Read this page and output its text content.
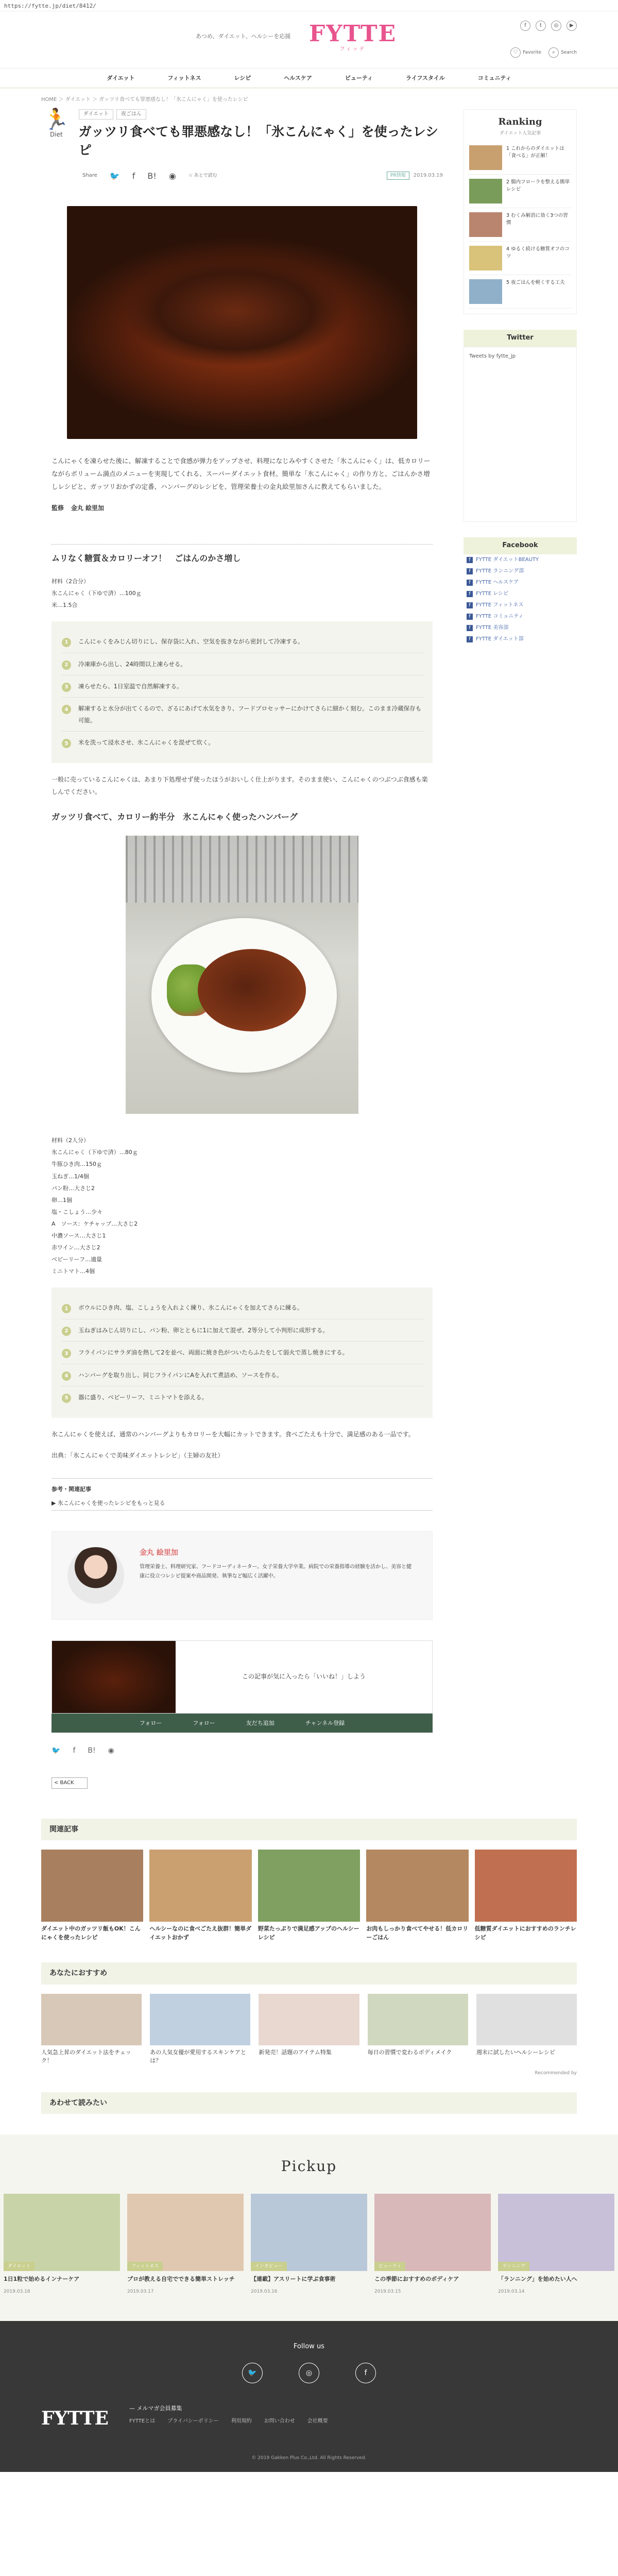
https://fytte.jp/diet/8412/
あつめ、ダイエット、ヘルシーを応援 FYTTE
フィッテ
f	t	◎	▶
♡	Favorite	⌕	Search
ダイエット	フィットネス	レシピ	ヘルスケア	ビューティ	ライフスタイル	コミュニティ
HOME ＞ ダイエット ＞ ガッツリ食べても罪悪感なし！「氷こんにゃく」を使ったレシピ
🏃
Diet
ダイエット	夜ごはん
ガッツリ食べても罪悪感なし！「氷こんにゃく」を使ったレシピ
Share 🐦 f B! ◉	☆ あとで読む	PR情報	2019.03.19

こんにゃくを凍らせた後に、解凍することで食感が弾力をアップさせ、料理になじみやすくさせた「氷こんにゃく」は、低カロリーながらボリューム満点のメニューを実現してくれる、スーパーダイエット食材。簡単な「氷こんにゃく」の作り方と、ごはんかさ増しレシピと、ガッツリおかずの定番、ハンバーグのレシピを、管理栄養士の金丸絵里加さんに教えてもらいました。

監修 金丸 絵里加
ムリなく糖質＆カロリーオフ！　ごはんのかさ増し
材料（2合分）
氷こんにゃく（下ゆで済）…100ｇ
米…1.5合
1	こんにゃくをみじん切りにし、保存袋に入れ、空気を抜きながら密封して冷凍する。
2	冷凍庫から出し、24時間以上凍らせる。
3	凍らせたら、1日室温で自然解凍する。
4	解凍すると水分が出てくるので、ざるにあげて水気をきり、フードプロセッサーにかけてさらに細かく刻む。このまま冷蔵保存も可能。
5	米を洗って浸水させ、氷こんにゃくを混ぜて炊く。

一般に売っているこんにゃくは、あまり下処理せず使ったほうがおいしく仕上がります。そのまま使い、こんにゃくのつぶつぶ食感も楽しんでください。

ガッツリ食べて、カロリー約半分　氷こんにゃく使ったハンバーグ
材料（2人分）
氷こんにゃく（下ゆで済）…80ｇ
牛豚ひき肉…150ｇ
玉ねぎ…1/4個
パン粉…大さじ2
卵…1個
塩・こしょう…少々
A　ソース：ケチャップ…大さじ2
中濃ソース…大さじ1
赤ワイン…大さじ2
ベビーリーフ…適量
ミニトマト…4個
1	ボウルにひき肉、塩、こしょうを入れよく練り、氷こんにゃくを加えてさらに練る。
2	玉ねぎはみじん切りにし、パン粉、卵とともに1に加えて混ぜ、2等分して小判形に成形する。
3	フライパンにサラダ油を熱して2を並べ、両面に焼き色がついたらふたをして弱火で蒸し焼きにする。
4	ハンバーグを取り出し、同じフライパンにAを入れて煮詰め、ソースを作る。
5	器に盛り、ベビーリーフ、ミニトマトを添える。

氷こんにゃくを使えば、通常のハンバーグよりもカロリーを大幅にカットできます。食べごたえも十分で、満足感のある一品です。

出典：「氷こんにゃくで美味ダイエットレシピ」（主婦の友社）

参考・関連記事
▶ 氷こんにゃくを使ったレシピをもっと見る
金丸 絵里加
管理栄養士、料理研究家、フードコーディネーター。女子栄養大学卒業。病院での栄養指導の経験を活かし、美容と健康に役立つレシピ提案や商品開発、執筆など幅広く活躍中。
この記事が気に入ったら「いいね！」しよう
フォロー	フォロー	友だち追加	チャンネル登録
🐦 f B! ◉
< BACK
Ranking
ダイエット人気記事
1 これからのダイエットは「食べる」が正解！
2 腸内フローラを整える簡単レシピ
3 むくみ解消に効く3つの習慣
4 ゆるく続ける糖質オフのコツ
5 夜ごはんを軽くする工夫
Twitter
Tweets by fytte_jp
Facebook
f FYTTE ダイエットBEAUTY
f FYTTE ランニング部
f FYTTE ヘルスケア
f FYTTE レシピ
f FYTTE フィットネス
f FYTTE コミュニティ
f FYTTE 美容部
f FYTTE ダイエット部
関連記事
ダイエット中のガッツリ飯もOK！こんにゃくを使ったレシピ
ヘルシーなのに食べごたえ抜群！簡単ダイエットおかず
野菜たっぷりで満足感アップのヘルシーレシピ
お肉もしっかり食べてやせる！低カロリーごはん
低糖質ダイエットにおすすめのランチレシピ
あなたにおすすめ
人気急上昇のダイエット法をチェック！
あの人気女優が愛用するスキンケアとは？
新発売！話題のアイテム特集	毎日の習慣で変わるボディメイク	週末に試したいヘルシーレシピ
Recommended by
あわせて読みたい
Pickup
ダイエット
1日1粒で始めるインナーケア
2019.03.18
フィットネス
プロが教える自宅でできる簡単ストレッチ
2019.03.17
インタビュー
【連載】アスリートに学ぶ食事術
2019.03.16
ビューティ
この季節におすすめのボディケア
2019.03.15
ランニング
「ランニング」を始めたい人へ
2019.03.14
Follow us
🐦	◎	f
FYTTE	— メルマガ会員募集
FYTTEとは プライバシーポリシー 利用規約 お問い合わせ 会社概要
© 2019 Gakken Plus Co.,Ltd. All Rights Reserved.
